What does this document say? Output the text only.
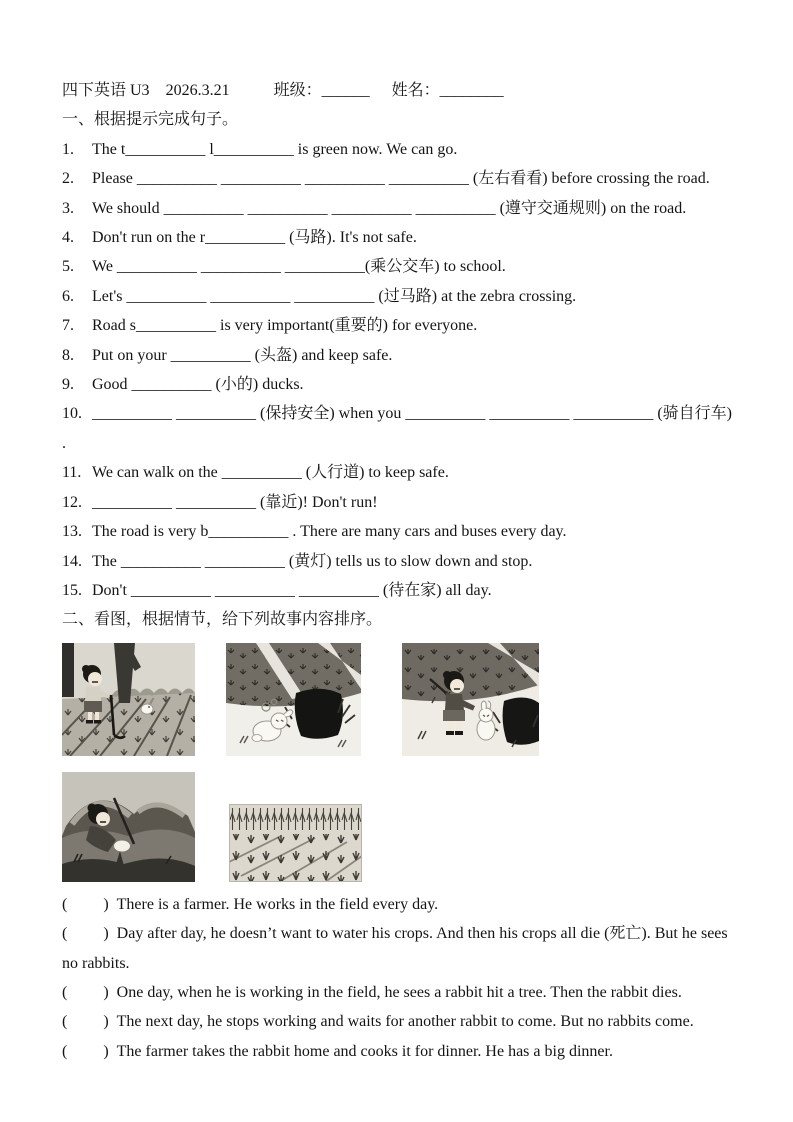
四下英语 U3 2026.3.21	班级：______ 姓名：________
一、根据提示完成句子。

1. The t__________ l__________ is green now. We can go.

2. Please __________ __________ __________ __________ (左右看看) before crossing the road.

3. We should __________ __________ __________ __________ (遵守交通规则) on the road.

4. Don't run on the r__________ (马路). It's not safe.

5. We __________ __________ __________(乘公交车) to school.

6. Let's __________ __________ __________ (过马路) at the zebra crossing.

7. Road s__________ is very important(重要的) for everyone.

8. Put on your __________ (头盔) and keep safe.

9. Good __________ (小的) ducks.

10. __________ __________ (保持安全) when you __________ __________ __________ (骑自行车) .

11. We can walk on the __________ (人行道) to keep safe.

12. __________ __________ (靠近)! Don't run!

13. The road is very b__________ . There are many cars and buses every day.

14. The __________ __________ (黄灯) tells us to slow down and stop.

15. Don't __________ __________ __________ (待在家) all day.

二、看图，根据情节，给下列故事内容排序。

( ) There is a farmer. He works in the field every day.

( ) Day after day, he doesn’t want to water his crops. And then his crops all die (死亡). But he sees no rabbits.

( ) One day, when he is working in the field, he sees a rabbit hit a tree. Then the rabbit dies.

( ) The next day, he stops working and waits for another rabbit to come. But no rabbits come.

( ) The farmer takes the rabbit home and cooks it for dinner. He has a big dinner.
